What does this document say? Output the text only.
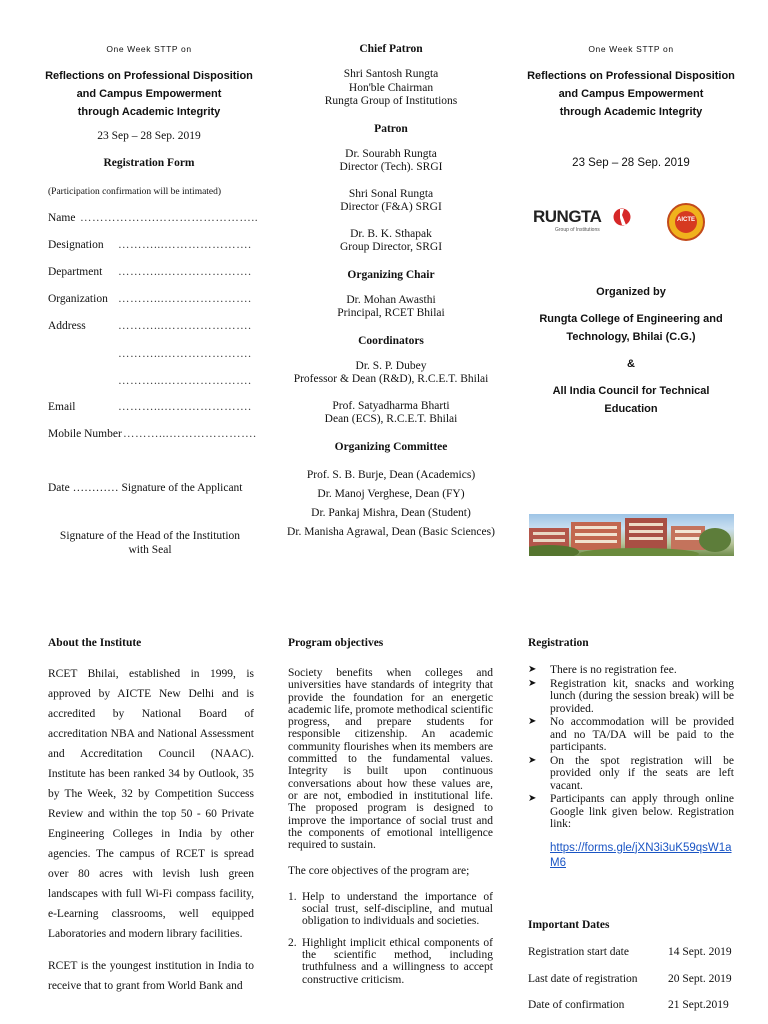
One Week STTP on
Reflections on Professional Disposition
and Campus Empowerment
through Academic Integrity
23 Sep – 28 Sep. 2019
Registration Form
(Participation confirmation will be intimated)
Name ……………….……………………..
Designation ………...………………….
Department ………...………………….
Organization ………...………………….
Address	………...………………….
………...………………….
………...………………….
Email	………...………………….
Mobile Number ………...………………….
Date ………… Signature of the Applicant
Signature of the Head of the Institution
with Seal
Chief Patron
Shri Santosh Rungta
Hon'ble Chairman
Rungta Group of Institutions
Patron
Dr. Sourabh Rungta
Director (Tech). SRGI
Shri Sonal Rungta
Director (F&A) SRGI
Dr. B. K. Sthapak
Group Director, SRGI
Organizing Chair
Dr. Mohan Awasthi
Principal, RCET Bhilai
Coordinators
Dr. S. P. Dubey
Professor & Dean (R&D), R.C.E.T. Bhilai
Prof. Satyadharma Bharti
Dean (ECS), R.C.E.T. Bhilai
Organizing Committee
Prof. S. B. Burje, Dean (Academics)
Dr. Manoj Verghese, Dean (FY)
Dr. Pankaj Mishra, Dean (Student)
Dr. Manisha Agrawal, Dean (Basic Sciences)
One Week STTP on
Reflections on Professional Disposition
and Campus Empowerment
through Academic Integrity
23 Sep – 28 Sep. 2019
RUNGTA
Group of Institutions
AICTE
Organized by
Rungta College of Engineering and
Technology, Bhilai (C.G.)
&
All India Council for Technical
Education
About the Institute

RCET Bhilai, established in 1999, is approved by AICTE New Delhi and is accredited by National Board of accreditation NBA and National Assessment and Accreditation Council (NAAC). Institute has been ranked 34 by Outlook, 35 by The Week, 32 by Competition Success Review and within the top 50 - 60 Private Engineering Colleges in India by other agencies. The campus of RCET is spread over 80 acres with levish lush green landscapes with full Wi-Fi compass facility, e-Learning classrooms, well equipped Laboratories and modern library facilities.

RCET is the youngest institution in India to receive that to grant from World Bank and

Program objectives

Society benefits when colleges and universities have standards of integrity that provide the foundation for an energetic academic life, promote methodical scientific progress, and prepare students for responsible citizenship. An academic community flourishes when its members are committed to the fundamental values. Integrity is built upon continuous conversations about how these values are, or are not, embodied in institutional life. The proposed program is designed to improve the importance of social trust and the components of emotional intelligence required to sustain.

The core objectives of the program are;

1. Help to understand the importance of social trust, self-discipline, and mutual obligation to individuals and societies.
2. Highlight implicit ethical components of the scientific method, including truthfulness and a willingness to accept constructive criticism.
Registration
➤ There is no registration fee.
➤ Registration kit, snacks and working lunch (during the session break) will be provided.
➤ No accommodation will be provided and no TA/DA will be paid to the participants.
➤ On the spot registration will be provided only if the seats are left vacant.
➤ Participants can apply through online Google link given below. Registration link:
https://forms.gle/jXN3i3uK59qsW1aM6
Important Dates
Registration start date	14 Sept. 2019
Last date of registration	20 Sept. 2019
Date of confirmation	21 Sept.2019
